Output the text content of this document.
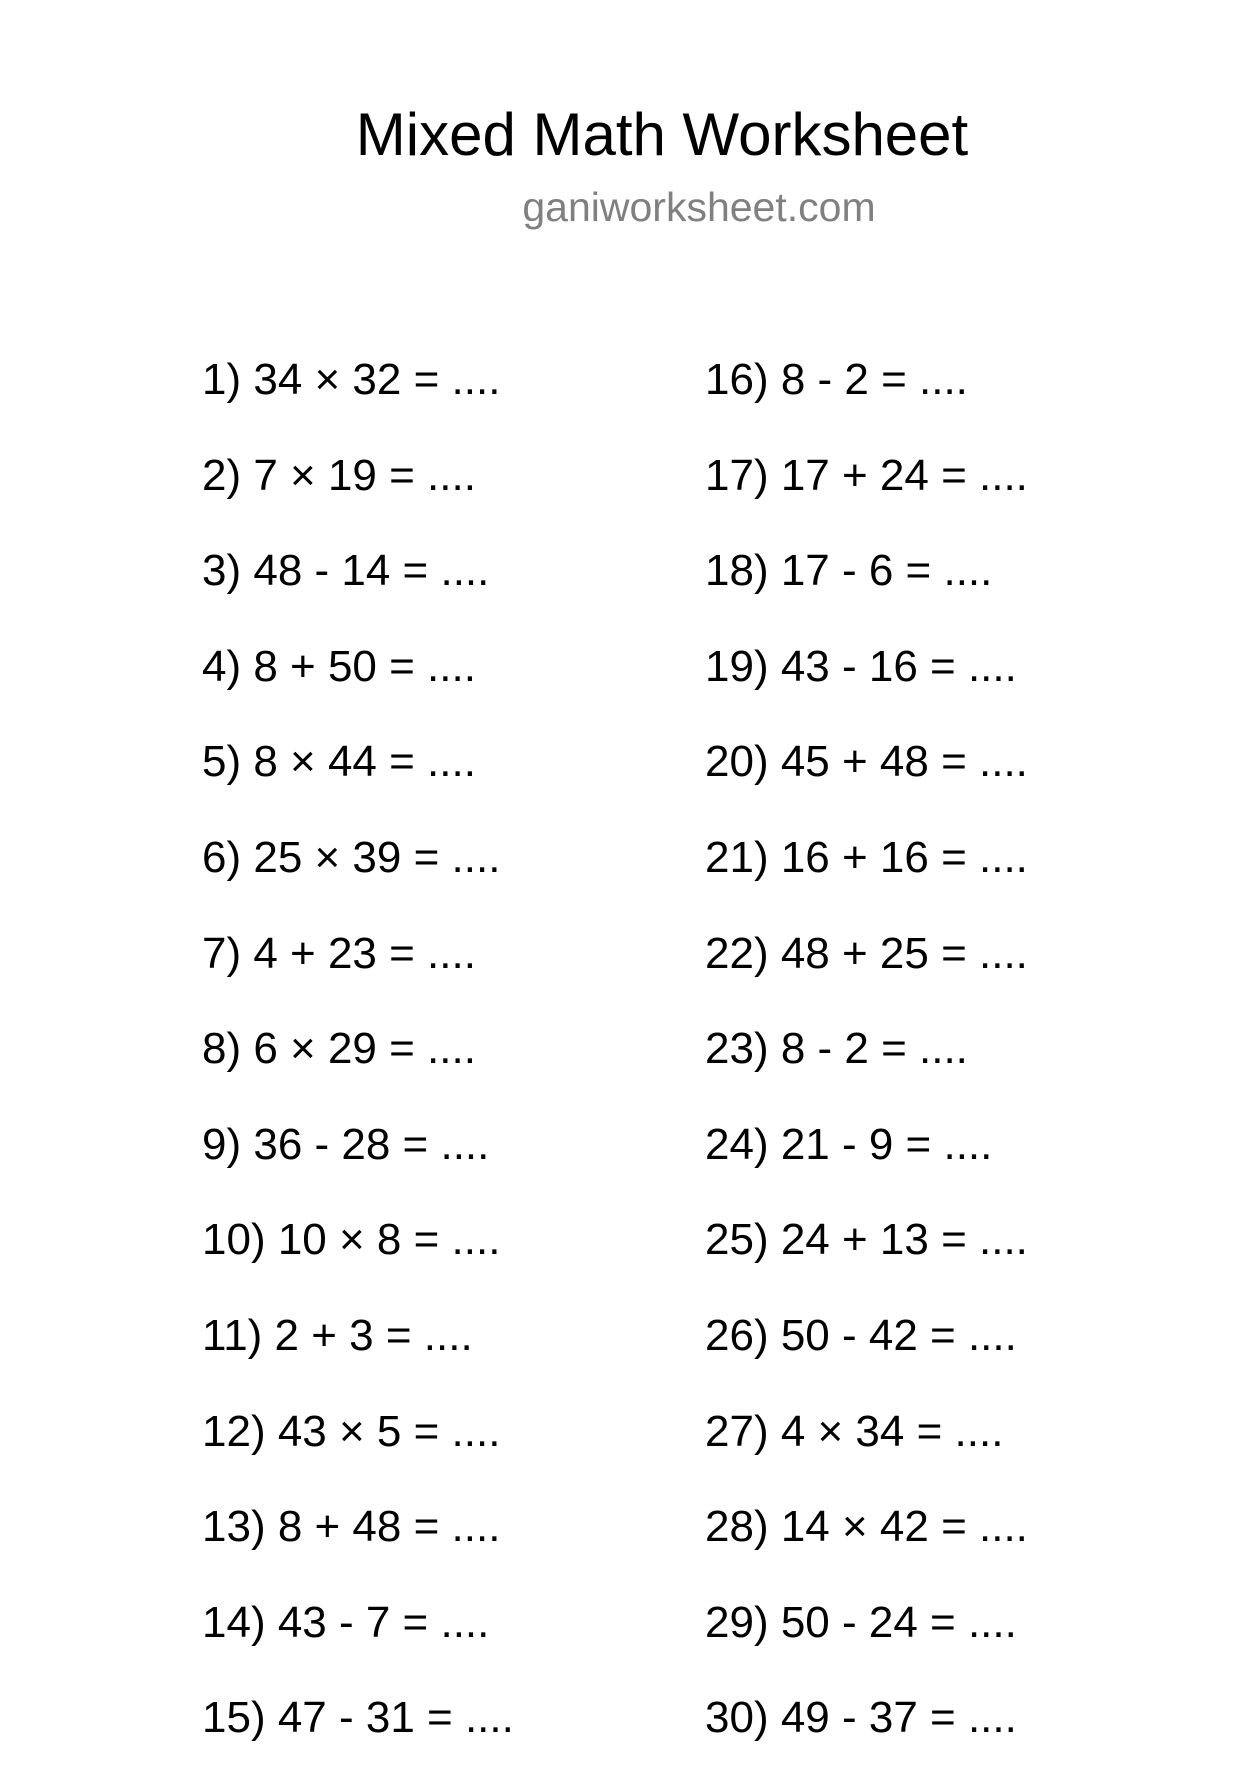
Mixed Math Worksheet
ganiworksheet.com
1) 34 × 32 = ....
2) 7 × 19 = ....
3) 48 - 14 = ....
4) 8 + 50 = ....
5) 8 × 44 = ....
6) 25 × 39 = ....
7) 4 + 23 = ....
8) 6 × 29 = ....
9) 36 - 28 = ....
10) 10 × 8 = ....
11) 2 + 3 = ....
12) 43 × 5 = ....
13) 8 + 48 = ....
14) 43 - 7 = ....
15) 47 - 31 = ....
16) 8 - 2 = ....
17) 17 + 24 = ....
18) 17 - 6 = ....
19) 43 - 16 = ....
20) 45 + 48 = ....
21) 16 + 16 = ....
22) 48 + 25 = ....
23) 8 - 2 = ....
24) 21 - 9 = ....
25) 24 + 13 = ....
26) 50 - 42 = ....
27) 4 × 34 = ....
28) 14 × 42 = ....
29) 50 - 24 = ....
30) 49 - 37 = ....
